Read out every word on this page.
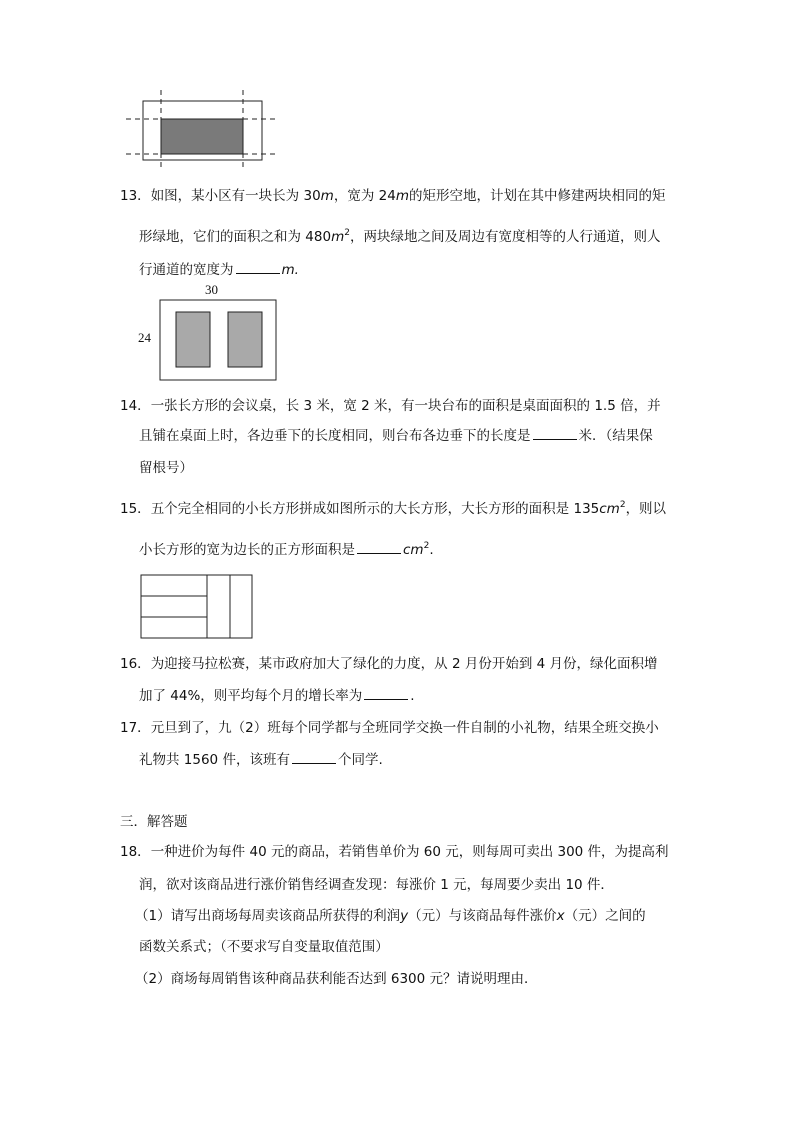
13．如图，某小区有一块长为 30m，宽为 24m的矩形空地，计划在其中修建两块相同的矩
形绿地，它们的面积之和为 $480m^2$，两块绿地之间及周边有宽度相等的人行通道，则人
行通道的宽度为	m.
30
24
14．一张长方形的会议桌，长 3 米，宽 2 米，有一块台布的面积是桌面面积的 1.5 倍，并
且铺在桌面上时，各边垂下的长度相同，则台布各边垂下的长度是	米．（结果保
留根号）
15．五个完全相同的小长方形拼成如图所示的大长方形，大长方形的面积是 $135cm^2$，则以
小长方形的宽为边长的正方形面积是	$cm^2$.
16．为迎接马拉松赛，某市政府加大了绿化的力度，从 2 月份开始到 4 月份，绿化面积增
加了 44%，则平均每个月的增长率为	.
17．元旦到了，九（2）班每个同学都与全班同学交换一件自制的小礼物，结果全班交换小
礼物共 1560 件，该班有	个同学.
三．解答题
18．一种进价为每件 40 元的商品，若销售单价为 60 元，则每周可卖出 300 件，为提高利
润，欲对该商品进行涨价销售经调查发现：每涨价 1 元，每周要少卖出 10 件．
（1）请写出商场每周卖该商品所获得的利润y（元）与该商品每件涨价x（元）之间的
函数关系式；（不要求写自变量取值范围）
（2）商场每周销售该种商品获利能否达到 6300 元？请说明理由．
